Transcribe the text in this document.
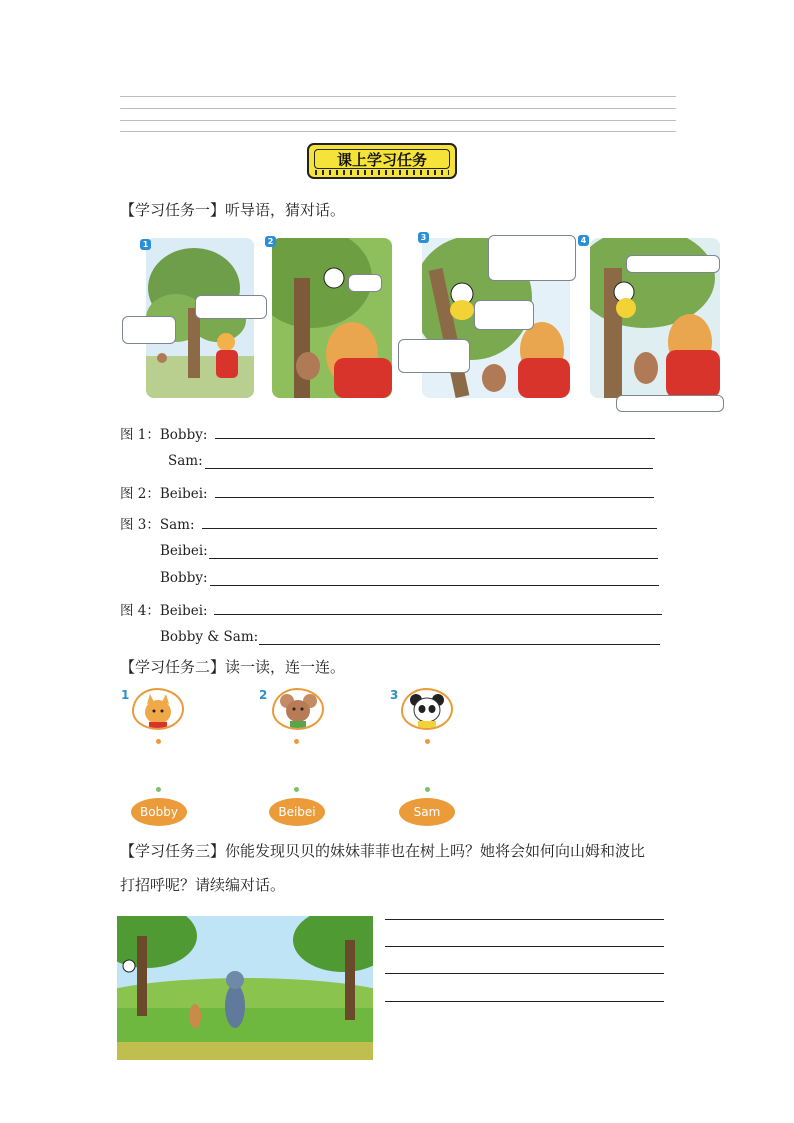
课上学习任务
【学习任务一】听导语，猜对话。
1	2	3	4
图 1：Bobby:
Sam:
图 2：Beibei:
图 3：Sam:
Beibei:
Bobby:
图 4：Beibei:
Bobby & Sam:
【学习任务二】读一读，连一连。
1	2	3
Bobby	Beibei	Sam
【学习任务三】你能发现贝贝的妹妹菲菲也在树上吗？她将会如何向山姆和波比
打招呼呢？请续编对话。
